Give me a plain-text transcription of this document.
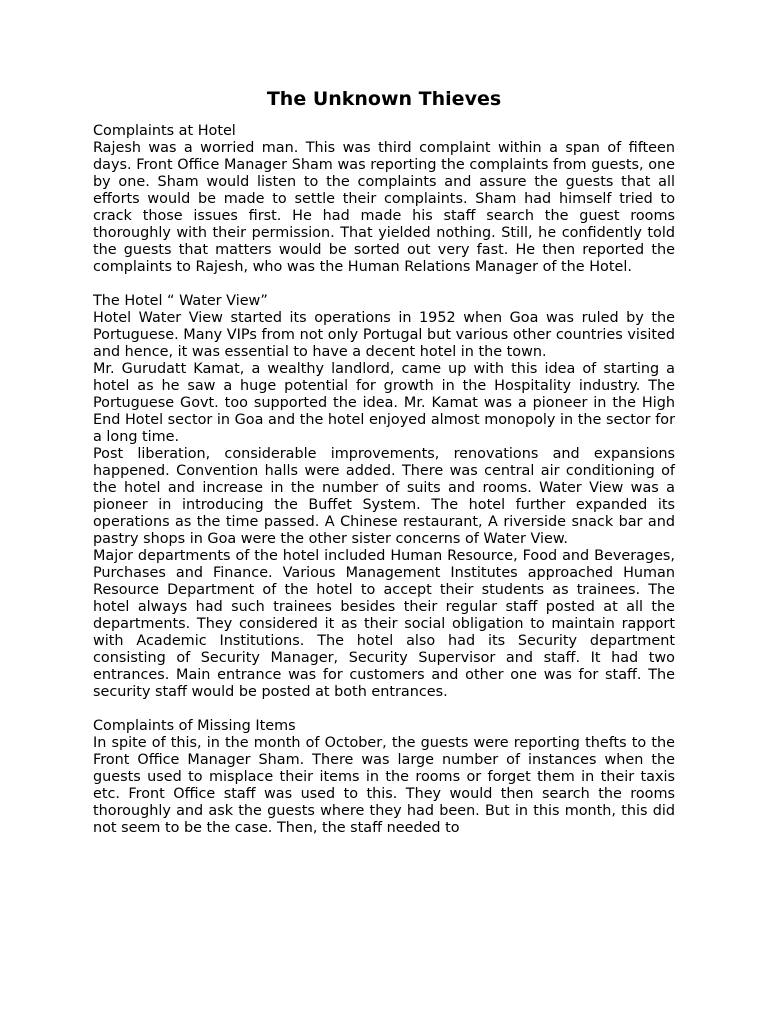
The Unknown Thieves
Complaints at Hotel

Rajesh was a worried man. This was third complaint within a span of fifteen days. Front Office Manager Sham was reporting the complaints from guests, one by one. Sham would listen to the complaints and assure the guests that all efforts would be made to settle their complaints. Sham had himself tried to crack those issues first. He had made his staff search the guest rooms thoroughly with their permission. That yielded nothing. Still, he confidently told the guests that matters would be sorted out very fast. He then reported the complaints to Rajesh, who was the Human Relations Manager of the Hotel.

The Hotel “ Water View”

Hotel Water View started its operations in 1952 when Goa was ruled by the Portuguese. Many VIPs from not only Portugal but various other countries visited and hence, it was essential to have a decent hotel in the town.

Mr. Gurudatt Kamat, a wealthy landlord, came up with this idea of starting a hotel as he saw a huge potential for growth in the Hospitality industry. The Portuguese Govt. too supported the idea. Mr. Kamat was a pioneer in the High End Hotel sector in Goa and the hotel enjoyed almost monopoly in the sector for a long time.

Post liberation, considerable improvements, renovations and expansions happened. Convention halls were added. There was central air conditioning of the hotel and increase in the number of suits and rooms. Water View was a pioneer in introducing the Buffet System. The hotel further expanded its operations as the time passed. A Chinese restaurant, A riverside snack bar and pastry shops in Goa were the other sister concerns of Water View.

Major departments of the hotel included Human Resource, Food and Beverages, Purchases and Finance. Various Management Institutes approached Human Resource Department of the hotel to accept their students as trainees. The hotel always had such trainees besides their regular staff posted at all the departments. They considered it as their social obligation to maintain rapport with Academic Institutions. The hotel also had its Security department consisting of Security Manager, Security Supervisor and staff. It had two entrances. Main entrance was for customers and other one was for staff. The security staff would be posted at both entrances.

Complaints of Missing Items

In spite of this, in the month of October, the guests were reporting thefts to the Front Office Manager Sham. There was large number of instances when the guests used to misplace their items in the rooms or forget them in their taxis etc. Front Office staff was used to this. They would then search the rooms thoroughly and ask the guests where they had been. But in this month, this did not seem to be the case. Then, the staff needed to
